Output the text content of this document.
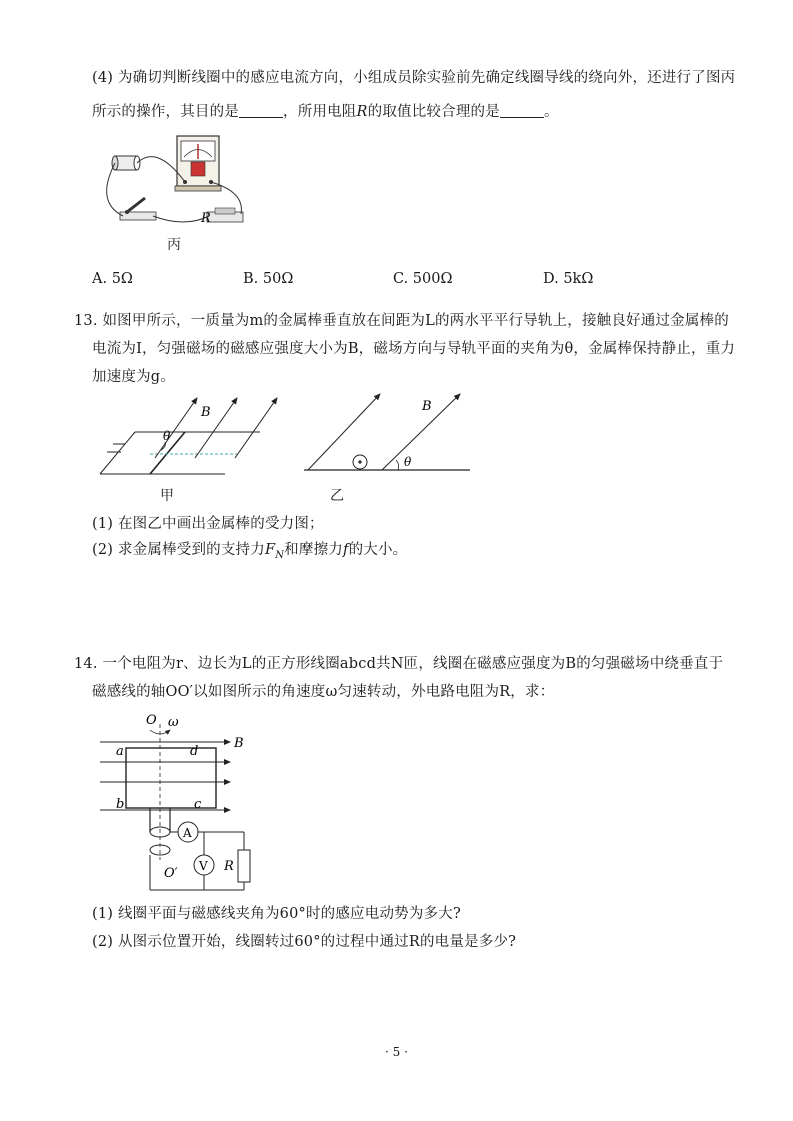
(4) 为确切判断线圈中的感应电流方向，小组成员除实验前先确定线圈导线的绕向外，还进行了图丙
所示的操作，其目的是	，所用电阻R的取值比较合理的是	。
R
丙
A. 5Ω	B. 50Ω	C. 500Ω	D. 5kΩ
13. 如图甲所示，一质量为m的金属棒垂直放在间距为L的两水平平行导轨上，接触良好通过金属棒的
电流为I，匀强磁场的磁感应强度大小为B，磁场方向与导轨平面的夹角为θ，金属棒保持静止，重力
加速度为g。
θ
B
甲
θ
B
乙
(1) 在图乙中画出金属棒的受力图；
(2) 求金属棒受到的支持力$F_N$和摩擦力f的大小。
14. 一个电阻为r、边长为L的正方形线圈abcd共N匝，线圈在磁感应强度为B的匀强磁场中绕垂直于
磁感线的轴OO′以如图所示的角速度ω匀速转动，外电路电阻为R，求：
O ω
a	d
B
b	c
A
V R
O′
(1) 线圈平面与磁感线夹角为60°时的感应电动势为多大?
(2) 从图示位置开始，线圈转过60°的过程中通过R的电量是多少?
· 5 ·
